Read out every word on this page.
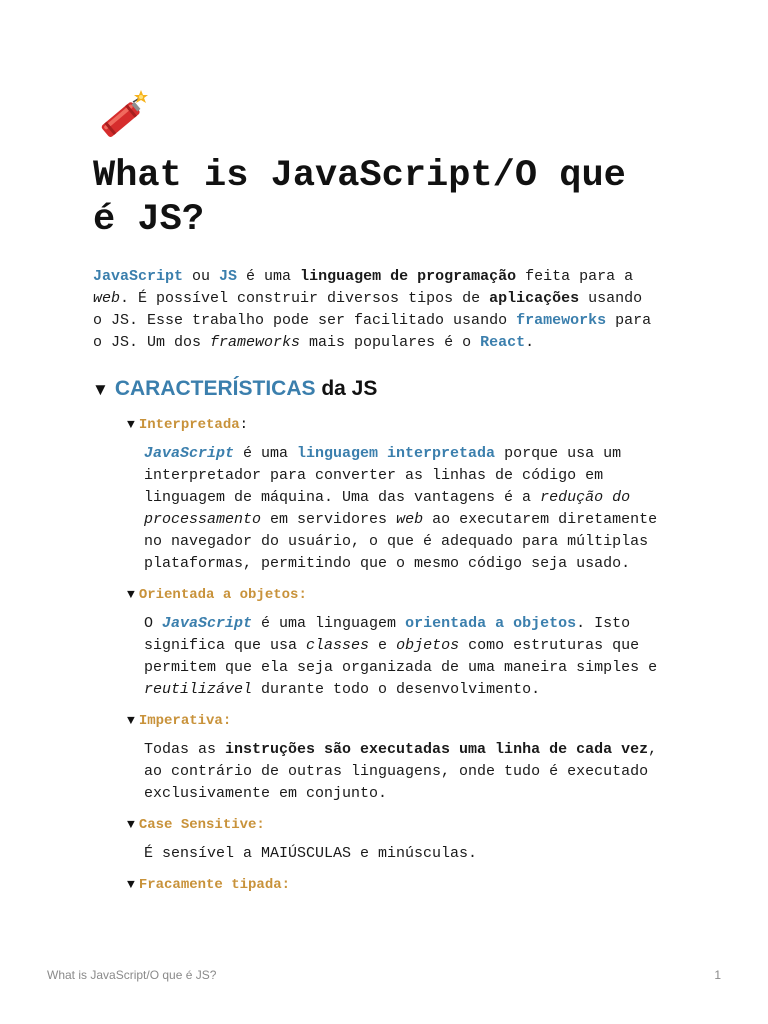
What is JavaScript/O que
é JS?

JavaScript ou JS é uma linguagem de programação feita para a
web. É possível construir diversos tipos de aplicações usando
o JS. Esse trabalho pode ser facilitado usando frameworks para
o JS. Um dos frameworks mais populares é o React.

▼ CARACTERÍSTICAS da JS
▼ Interpretada:

JavaScript é uma linguagem interpretada porque usa um
interpretador para converter as linhas de código em
linguagem de máquina. Uma das vantagens é a redução do
processamento em servidores web ao executarem diretamente
no navegador do usuário, o que é adequado para múltiplas
plataformas, permitindo que o mesmo código seja usado.

▼ Orientada a objetos:

O JavaScript é uma linguagem orientada a objetos. Isto
significa que usa classes e objetos como estruturas que
permitem que ela seja organizada de uma maneira simples e
reutilizável durante todo o desenvolvimento.

▼ Imperativa:

Todas as instruções são executadas uma linha de cada vez,
ao contrário de outras linguagens, onde tudo é executado
exclusivamente em conjunto.

▼ Case Sensitive:

É sensível a MAIÚSCULAS e minúsculas.

▼ Fracamente tipada:
What is JavaScript/O que é JS?	1
